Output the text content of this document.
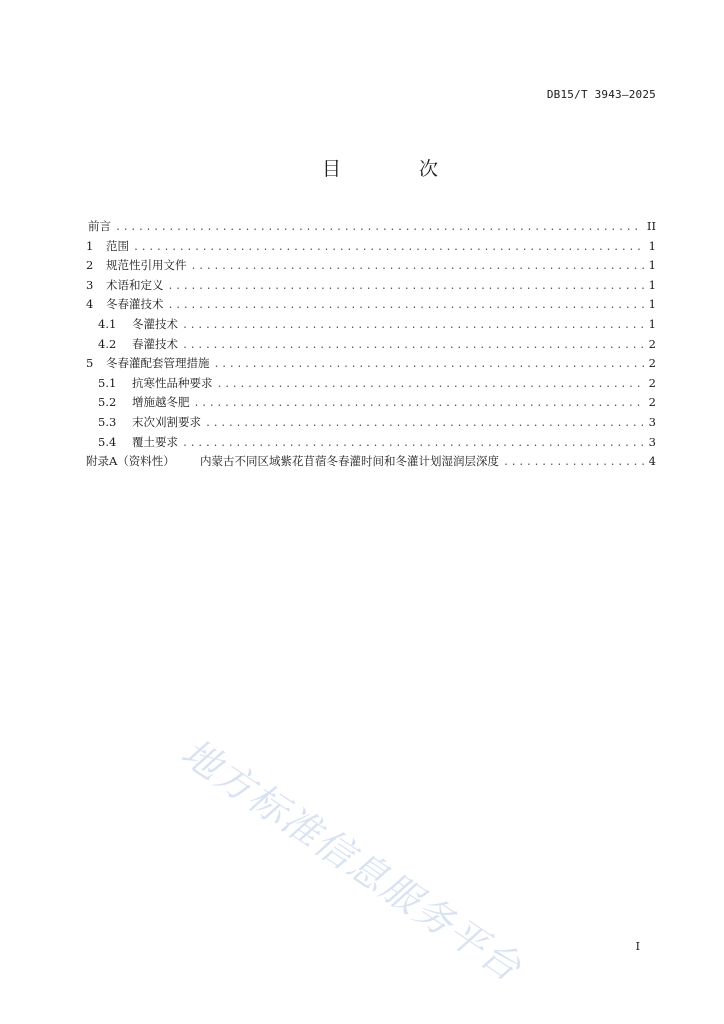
DB15/T 3943—2025
目 次
前言 .....	II
1	范围 .....	1
2	规范性引用文件 .....	1
3	术语和定义 .....	1
4	冬春灌技术 .....	1
4.1	冬灌技术 .....	1
4.2	春灌技术 .....	2
5	冬春灌配套管理措施 .....	2
5.1	抗寒性品种要求 .....	2
5.2	增施越冬肥 .....	2
5.3	末次刈割要求 .....	3
5.4	覆土要求 .....	3
附录A（资料性）	内蒙古不同区域紫花苜蓿冬春灌时间和冬灌计划湿润层深度 .....	4
地方标准信息服务平台	I
